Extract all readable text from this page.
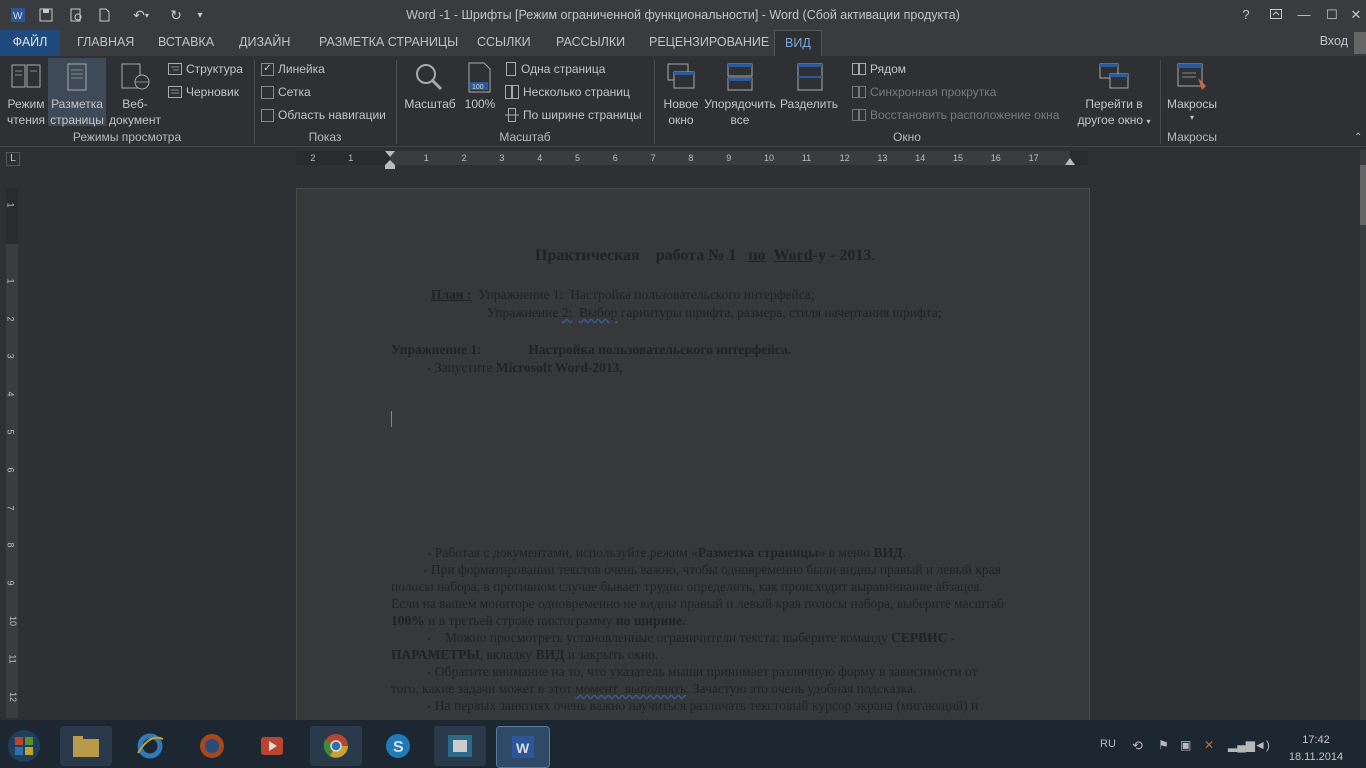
W	↶ ▾ ↻	▾	Word -1 - Шрифты [Режим ограниченной функциональности] - Word (Сбой активации продукта)	?	—	☐ ✕
ФАЙЛ	ГЛАВНАЯ	ВСТАВКА	ДИЗАЙН	РАЗМЕТКА СТРАНИЦЫ	ССЫЛКИ	РАССЫЛКИ	РЕЦЕНЗИРОВАНИЕ	ВИД	Вход
Режим
чтения
Разметка
страницы
Веб-
документ
Структура
Черновик
Режимы просмотра
✓ Линейка
Сетка
Область навигации
Показ
Масштаб
100
100%
Одна страница
Несколько страниц
По ширине страницы
Масштаб
Новое
окно
Упорядочить
все
Разделить
Рядом
Синхронная прокрутка
Восстановить расположение окна
Перейти в
другое окно ▾
Окно
Макросы
▾
Макросы	⌃
L	2	1	1	2	3	4	5	6	7	8	9	10	11	12	13	14	15	16	17
1
1
2
3
4
5
6
7
8
9
10
11
12
Практическая работа № 1 по Word-у - 2013.
План : Упражнение 1: Настройка пользовательского интерфейса;
Упражнение 2: Выбор гарнитуры шрифта, размера, стиля начертания шрифта;
Упражнение 1:	Настройка пользовательского интерфейса.
- Запустите Microsoft Word-2013,
- Работая с документами, используйте режим «Разметка страницы» в меню ВИД.
- При форматировании текстов очень важно, чтобы одновременно были видны правый и левый края
полосы набора, в противном случае бывает трудно определить, как происходит выравнивание абзацев.
Если на вашем мониторе одновременно не видны правый и левый края полосы набора, выберите масштаб
100% и в третьей строке пиктограмму по ширине.
-    Можно просмотреть установленные ограничители текста: выберите команду СЕРВИС -
ПАРАМЕТРЫ, вкладку ВИД и закрыть окно.
- Обратите внимание на то, что указатель мыши принимает различную форму в зависимости от
того, какие задачи может в этот момент  выполнять. Зачастую это очень удобная подсказка.
- На первых занятиях очень важно научиться различать текстовый курсор экрана (мигающий) и
S	W	RU ⟲ ⚑ ▣ ✕ ▂▄▆ ◄)	17:42
18.11.2014
